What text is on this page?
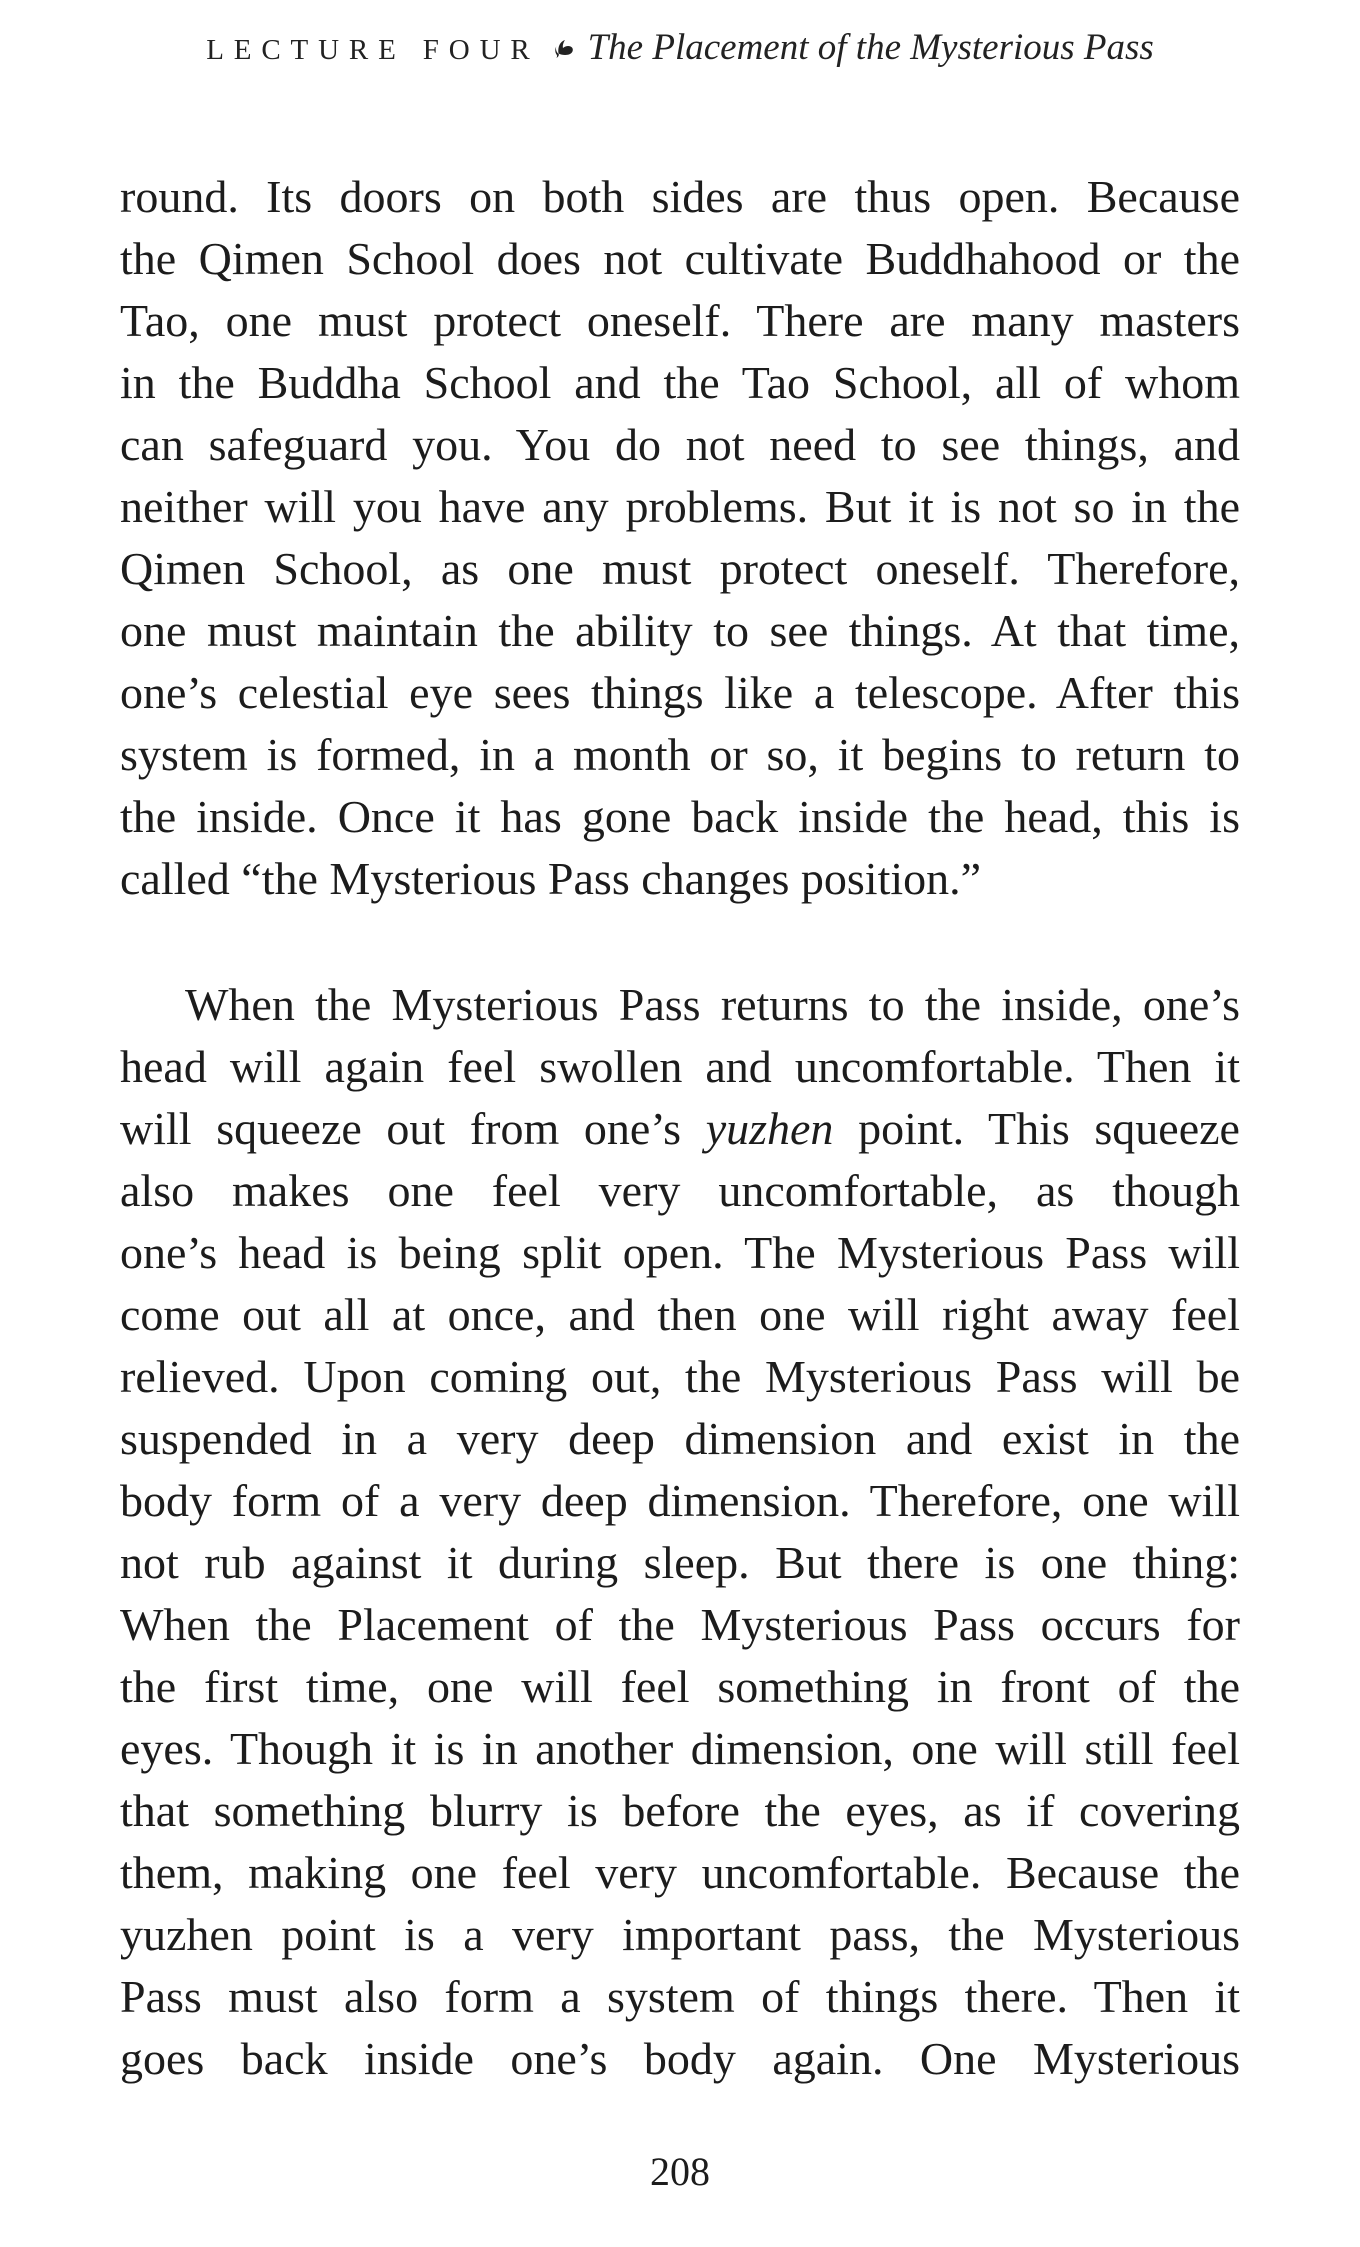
LECTURE FOUR The Placement of the Mysterious Pass
round. Its doors on both sides are thus open. Because
the Qimen School does not cultivate Buddhahood or the
Tao, one must protect oneself. There are many masters
in the Buddha School and the Tao School, all of whom
can safeguard you. You do not need to see things, and
neither will you have any problems. But it is not so in the
Qimen School, as one must protect oneself. Therefore,
one must maintain the ability to see things. At that time,
one’s celestial eye sees things like a telescope. After this
system is formed, in a month or so, it begins to return to
the inside. Once it has gone back inside the head, this is
called “the Mysterious Pass changes position.”
When the Mysterious Pass returns to the inside, one’s
head will again feel swollen and uncomfortable. Then it
will squeeze out from one’s yuzhen point. This squeeze
also makes one feel very uncomfortable, as though
one’s head is being split open. The Mysterious Pass will
come out all at once, and then one will right away feel
relieved. Upon coming out, the Mysterious Pass will be
suspended in a very deep dimension and exist in the
body form of a very deep dimension. Therefore, one will
not rub against it during sleep. But there is one thing:
When the Placement of the Mysterious Pass occurs for
the first time, one will feel something in front of the
eyes. Though it is in another dimension, one will still feel
that something blurry is before the eyes, as if covering
them, making one feel very uncomfortable. Because the
yuzhen point is a very important pass, the Mysterious
Pass must also form a system of things there. Then it
goes back inside one’s body again. One Mysterious
208
